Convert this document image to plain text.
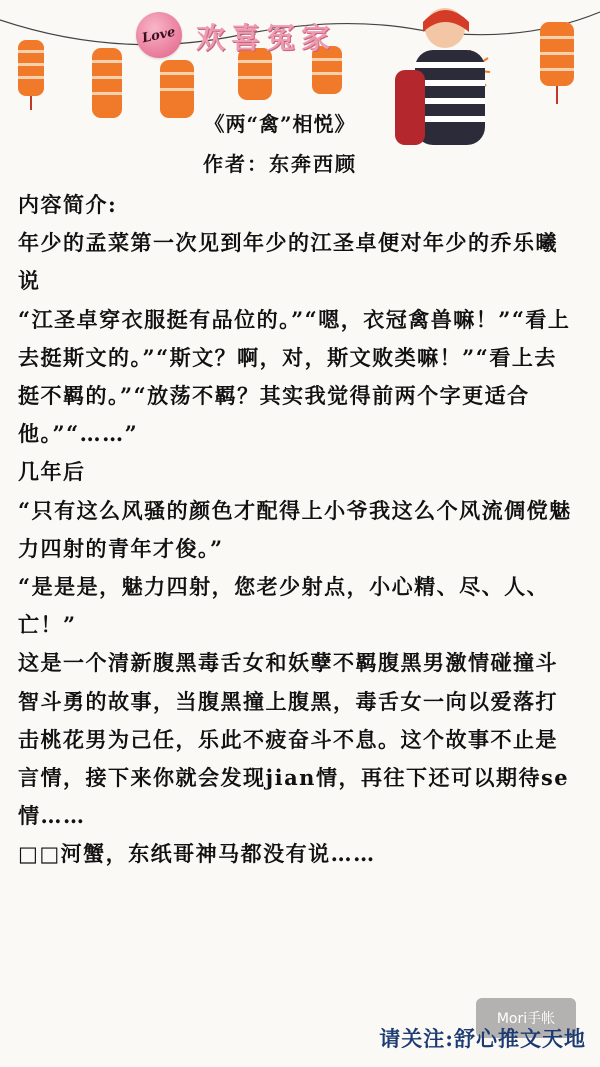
Love 欢喜冤家
《两“禽”相悦》
作者：东奔西顾

内容简介:

年少的孟菜第一次见到年少的江圣卓便对年少的乔乐曦说

“江圣卓穿衣服挺有品位的。”“嗯，衣冠禽兽嘛！”“看上去挺斯文的。”“斯文？啊，对，斯文败类嘛！”“看上去挺不羁的。”“放荡不羁？其实我觉得前两个字更适合他。”“……”

几年后

“只有这么风骚的颜色才配得上小爷我这么个风流倜傥魅力四射的青年才俊。”

“是是是，魅力四射，您老少射点，小心精、尽、人、亡！”

这是一个清新腹黑毒舌女和妖孽不羁腹黑男激情碰撞斗智斗勇的故事，当腹黑撞上腹黑，毒舌女一向以爱落打击桃花男为己任，乐此不疲奋斗不息。这个故事不止是言情，接下来你就会发现jian情，再往下还可以期待se情……

□□河蟹，东纸哥神马都没有说……

Mori手帐
请关注:舒心推文天地
